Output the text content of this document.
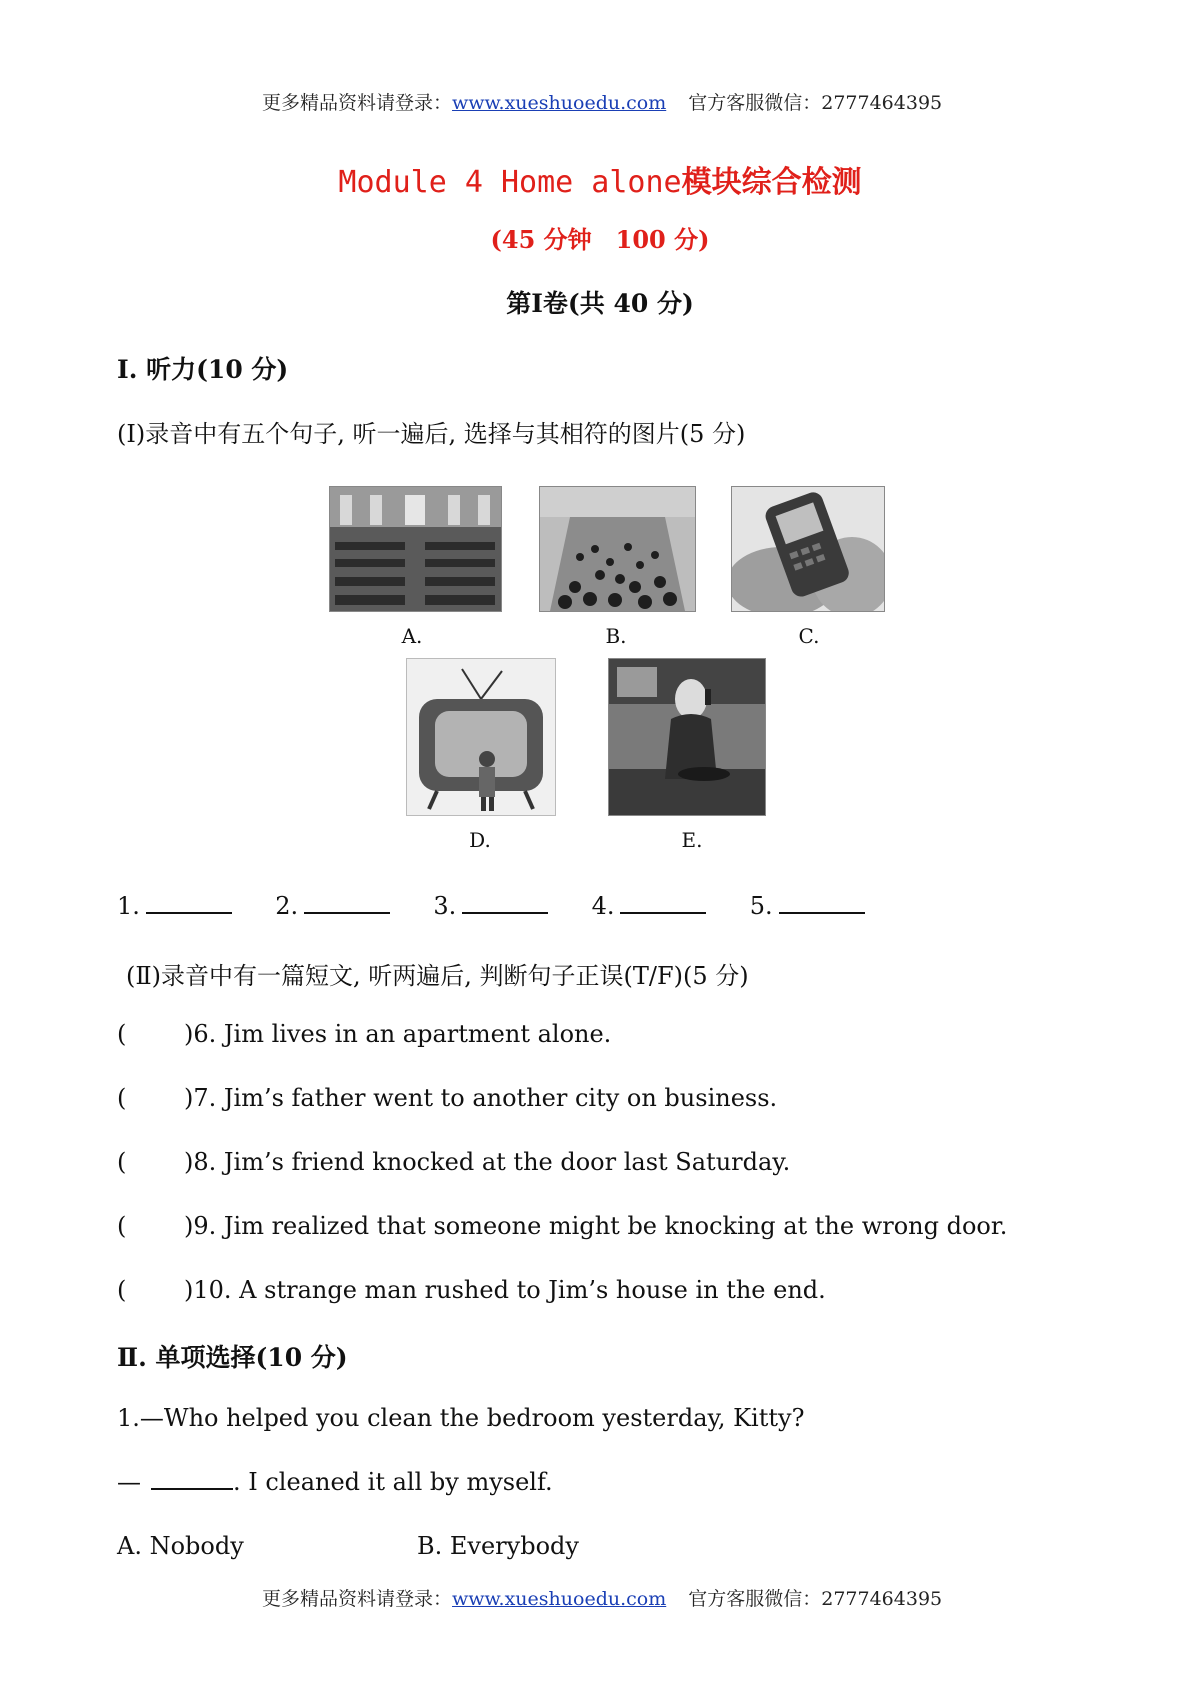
更多精品资料请登录：www.xueshuoedu.com 官方客服微信：2777464395
Module 4 Home alone模块综合检测
(45 分钟　100 分)
第Ⅰ卷(共 40 分)
Ⅰ. 听力(10 分)
(Ⅰ)录音中有五个句子, 听一遍后, 选择与其相符的图片(5 分)
A.	B.	C.
D.	E.
1.	2.	3.	4.	5.
(Ⅱ)录音中有一篇短文, 听两遍后, 判断句子正误(T/F)(5 分)
( )6. Jim lives in an apartment alone.
( )7. Jim’s father went to another city on business.
( )8. Jim’s friend knocked at the door last Saturday.
( )9. Jim realized that someone might be knocking at the wrong door.
( )10. A strange man rushed to Jim’s house in the end.
Ⅱ. 单项选择(10 分)
1.—Who helped you clean the bedroom yesterday, Kitty?
—	. I cleaned it all by myself.
A. Nobody	B. Everybody
更多精品资料请登录：www.xueshuoedu.com 官方客服微信：2777464395
